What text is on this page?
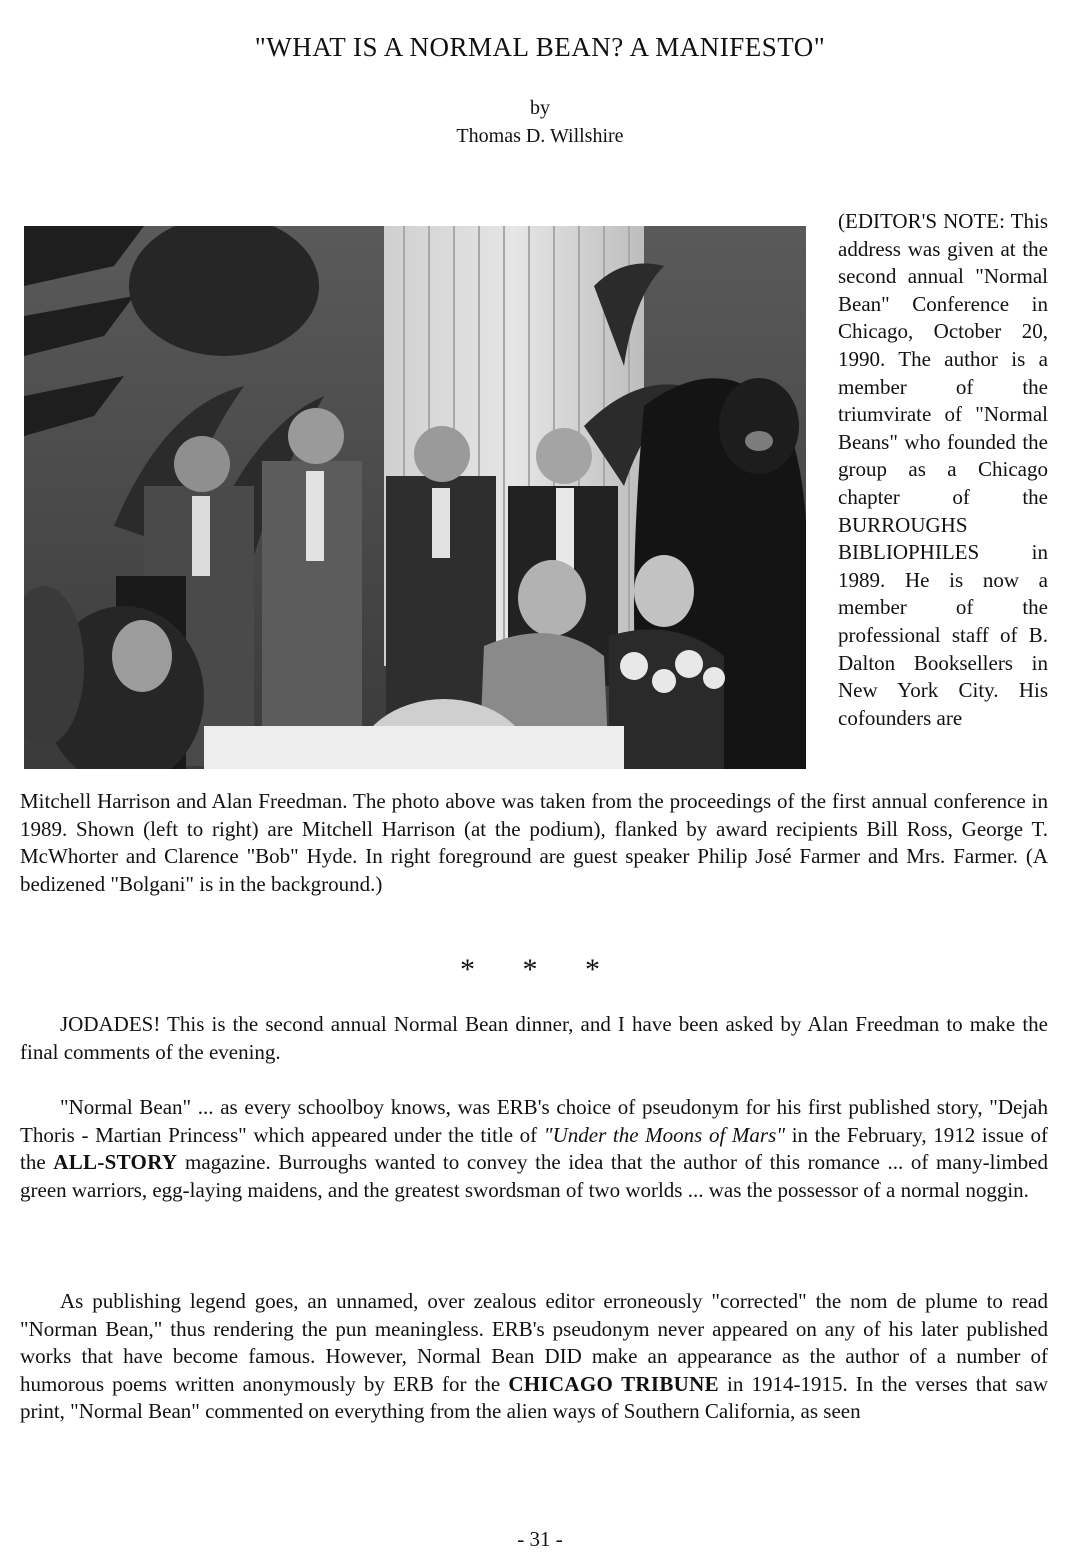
"WHAT IS A NORMAL BEAN? A MANIFESTO"
by
Thomas D. Willshire

(EDITOR'S NOTE: This address was given at the second annual "Normal Bean" Conference in Chicago, October 20, 1990. The author is a member of the triumvirate of "Normal Beans" who founded the group as a Chicago chapter of the BURROUGHS BIBLIOPHILES in 1989. He is now a member of the professional staff of B. Dalton Booksellers in New York City. His cofounders are

Mitchell Harrison and Alan Freedman. The photo above was taken from the proceedings of the first annual conference in 1989. Shown (left to right) are Mitchell Harrison (at the podium), flanked by award recipients Bill Ross, George T. McWhorter and Clarence "Bob" Hyde. In right foreground are guest speaker Philip José Farmer and Mrs. Farmer. (A bedizened "Bolgani" is in the background.)

* * *

JODADES! This is the second annual Normal Bean dinner, and I have been asked by Alan Freedman to make the final comments of the evening.

"Normal Bean" ... as every schoolboy knows, was ERB's choice of pseudonym for his first published story, "Dejah Thoris - Martian Princess" which appeared under the title of "Under the Moons of Mars" in the February, 1912 issue of the ALL-STORY magazine. Burroughs wanted to convey the idea that the author of this romance ... of many-limbed green warriors, egg-laying maidens, and the greatest swordsman of two worlds ... was the possessor of a normal noggin.

As publishing legend goes, an unnamed, over zealous editor erroneously "corrected" the nom de plume to read "Norman Bean," thus rendering the pun meaningless. ERB's pseudonym never appeared on any of his later published works that have become famous. However, Normal Bean DID make an appearance as the author of a number of humorous poems written anonymously by ERB for the CHICAGO TRIBUNE in 1914-1915. In the verses that saw print, "Normal Bean" commented on everything from the alien ways of Southern California, as seen

- 31 -
